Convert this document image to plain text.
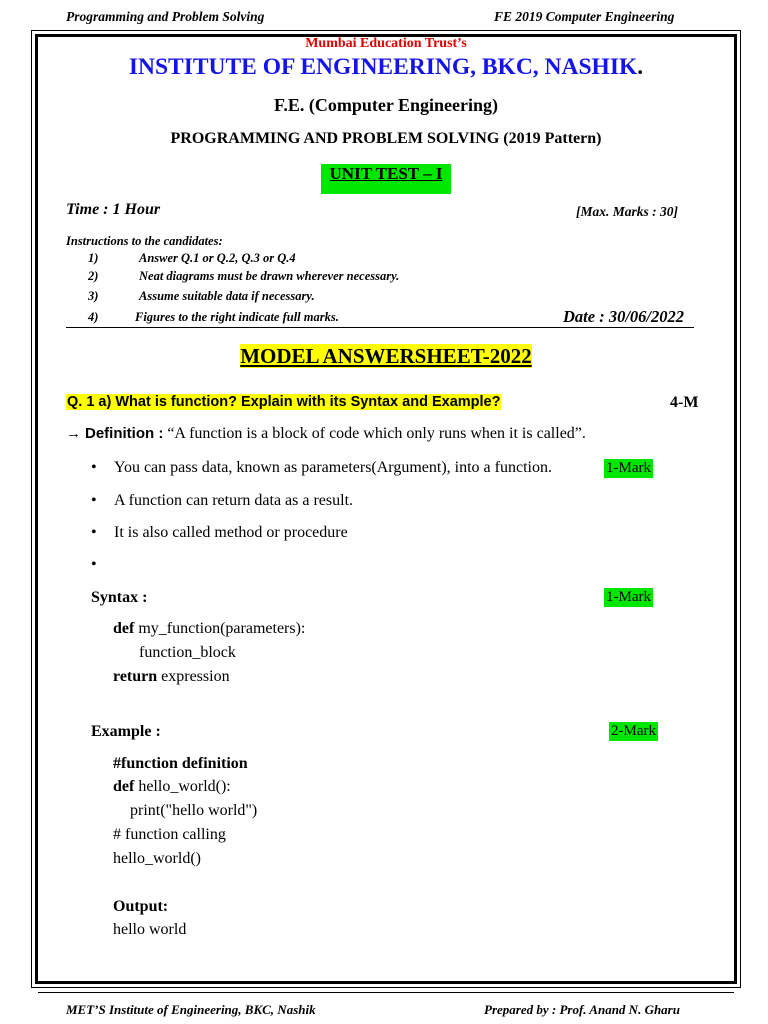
Programming and Problem Solving	FE 2019 Computer Engineering
Mumbai Education Trust’s
INSTITUTE OF ENGINEERING, BKC, NASHIK.
F.E. (Computer Engineering)
PROGRAMMING AND PROBLEM SOLVING (2019 Pattern)
UNIT TEST – I
Time : 1 Hour	[Max. Marks : 30]
Instructions to the candidates:
1)	Answer Q.1 or Q.2, Q.3 or Q.4
2)	Neat diagrams must be drawn wherever necessary.
3)	Assume suitable data if necessary.
4)	Figures to the right indicate full marks.	Date : 30/06/2022
MODEL ANSWERSHEET-2022
Q. 1 a) What is function? Explain with its Syntax and Example?	4-M
→ Definition : “A function is a block of code which only runs when it is called”.
• You can pass data, known as parameters(Argument), into a function.	1-Mark
• A function can return data as a result.
• It is also called method or procedure
•
Syntax :	1-Mark
def my_function(parameters):
function_block
return expression
Example :	2-Mark
#function definition
def hello_world():
print("hello world")
# function calling
hello_world()
Output:
hello world
MET’S Institute of Engineering, BKC, Nashik	Prepared by : Prof. Anand N. Gharu
